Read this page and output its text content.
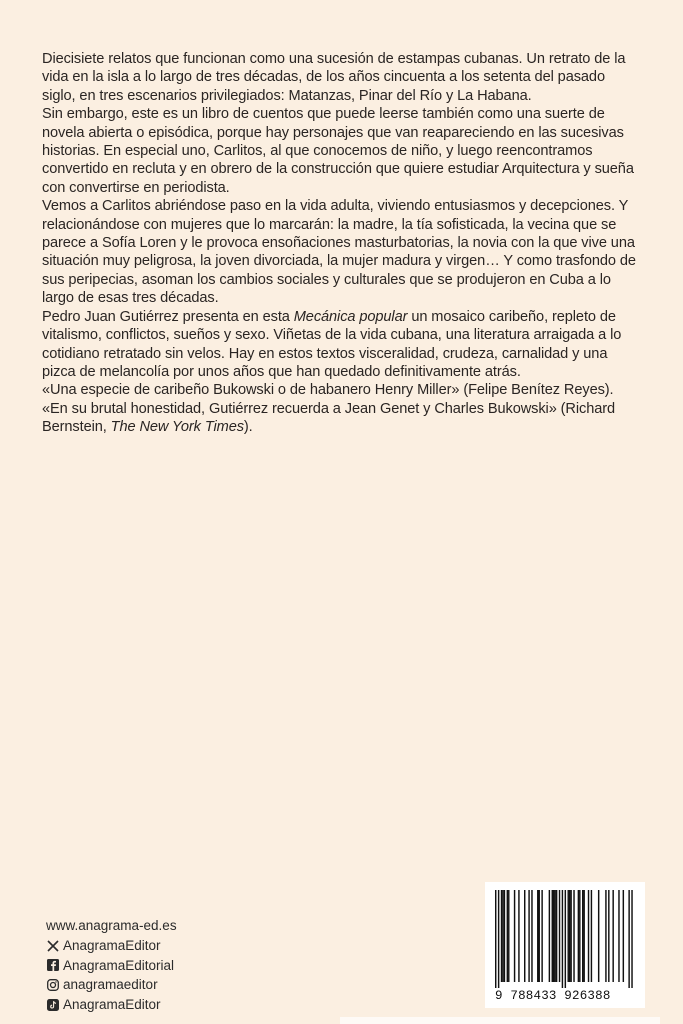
Diecisiete relatos que funcionan como una sucesión de estampas cubanas. Un retrato de la vida en la isla a lo largo de tres décadas, de los años cincuenta a los setenta del pasado siglo, en tres escenarios privilegiados: Matanzas, Pinar del Río y La Habana.

Sin embargo, este es un libro de cuentos que puede leerse también como una suerte de novela abierta o episódica, porque hay personajes que van reapareciendo en las sucesivas historias. En especial uno, Carlitos, al que conocemos de niño, y luego reencontramos convertido en recluta y en obrero de la construcción que quiere estudiar Arquitectura y sueña con convertirse en periodista.

Vemos a Carlitos abriéndose paso en la vida adulta, viviendo entusiasmos y decepciones. Y relacionándose con mujeres que lo marcarán: la madre, la tía sofisticada, la vecina que se parece a Sofía Loren y le provoca ensoñaciones masturbatorias, la novia con la que vive una situación muy peligrosa, la joven divorciada, la mujer madura y virgen… Y como trasfondo de sus peripecias, asoman los cambios sociales y culturales que se produjeron en Cuba a lo largo de esas tres décadas.

Pedro Juan Gutiérrez presenta en esta Mecánica popular un mosaico caribeño, repleto de vitalismo, conflictos, sueños y sexo. Viñetas de la vida cubana, una literatura arraigada a lo cotidiano retratado sin velos. Hay en estos textos visceralidad, crudeza, carnalidad y una pizca de melancolía por unos años que han quedado definitivamente atrás.

«Una especie de caribeño Bukowski o de habanero Henry Miller» (Felipe Benítez Reyes).

«En su brutal honestidad, Gutiérrez recuerda a Jean Genet y Charles Bukowski» (Richard Bernstein, The New York Times).

www.anagrama-ed.es
AnagramaEditor
AnagramaEditorial
anagramaeditor
AnagramaEditor
9 788433 926388
